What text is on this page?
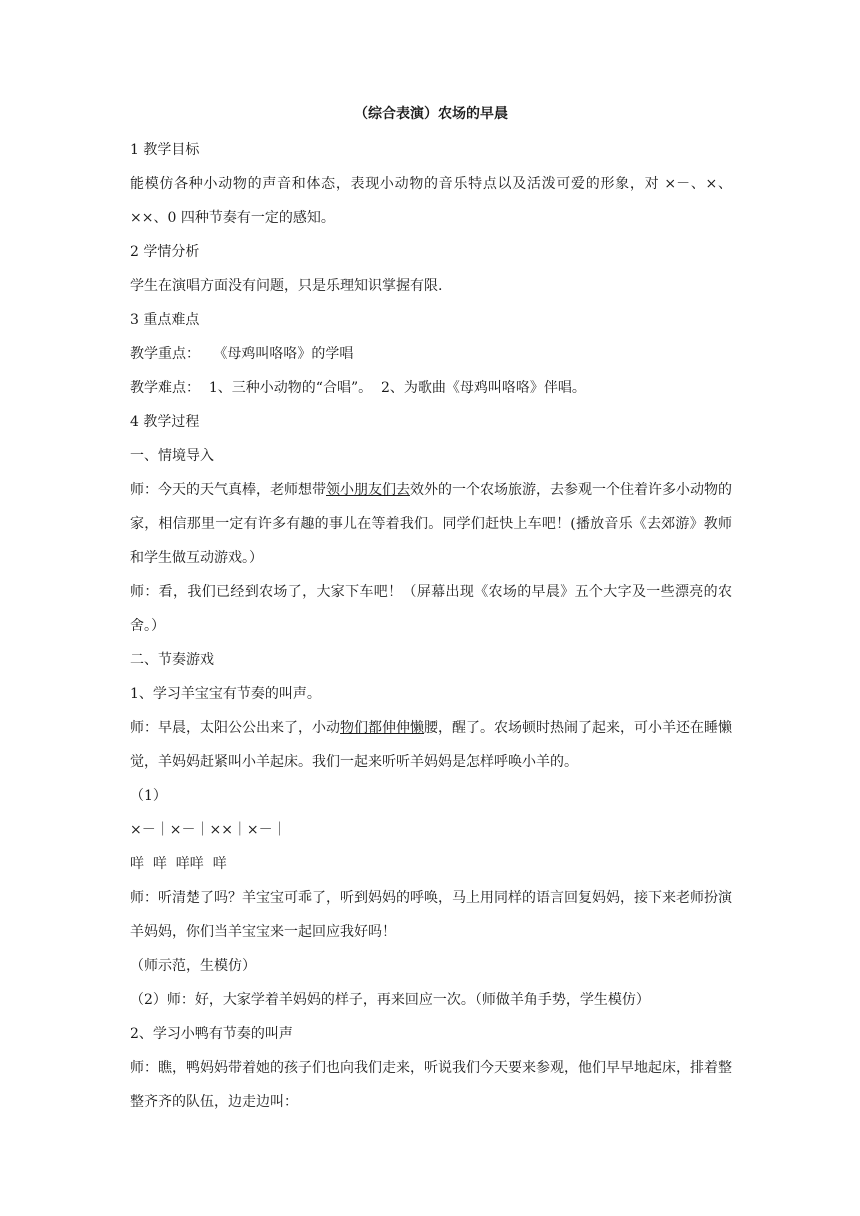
（综合表演）农场的早晨

1 教学目标

能模仿各种小动物的声音和体态，表现小动物的音乐特点以及活泼可爱的形象，对 ×－、×、××、0 四种节奏有一定的感知。

2 学情分析

学生在演唱方面没有问题，只是乐理知识掌握有限.

3 重点难点

教学重点：   《母鸡叫咯咯》的学唱

教学难点：  1、三种小动物的“合唱”。  2、为歌曲《母鸡叫咯咯》伴唱。

4 教学过程

一、情境导入

师：今天的天气真棒，老师想带领小朋友们去效外的一个农场旅游，去参观一个住着许多小动物的家，相信那里一定有许多有趣的事儿在等着我们。同学们赶快上车吧！(播放音乐《去郊游》教师和学生做互动游戏。）

师：看，我们已经到农场了，大家下车吧！（屏幕出现《农场的早晨》五个大字及一些漂亮的农舍。）

二、节奏游戏

1、学习羊宝宝有节奏的叫声。

师：早晨，太阳公公出来了，小动物们都伸伸懒腰，醒了。农场顿时热闹了起来，可小羊还在睡懒觉，羊妈妈赶紧叫小羊起床。我们一起来听听羊妈妈是怎样呼唤小羊的。

（1）

×－｜×－｜××｜×－｜

咩  咩  咩咩  咩

师：听清楚了吗？羊宝宝可乖了，听到妈妈的呼唤，马上用同样的语言回复妈妈，接下来老师扮演羊妈妈，你们当羊宝宝来一起回应我好吗！

（师示范，生模仿）

（2）师：好，大家学着羊妈妈的样子，再来回应一次。（师做羊角手势，学生模仿）

2、学习小鸭有节奏的叫声

师：瞧，鸭妈妈带着她的孩子们也向我们走来，听说我们今天要来参观，他们早早地起床，排着整整齐齐的队伍，边走边叫：
